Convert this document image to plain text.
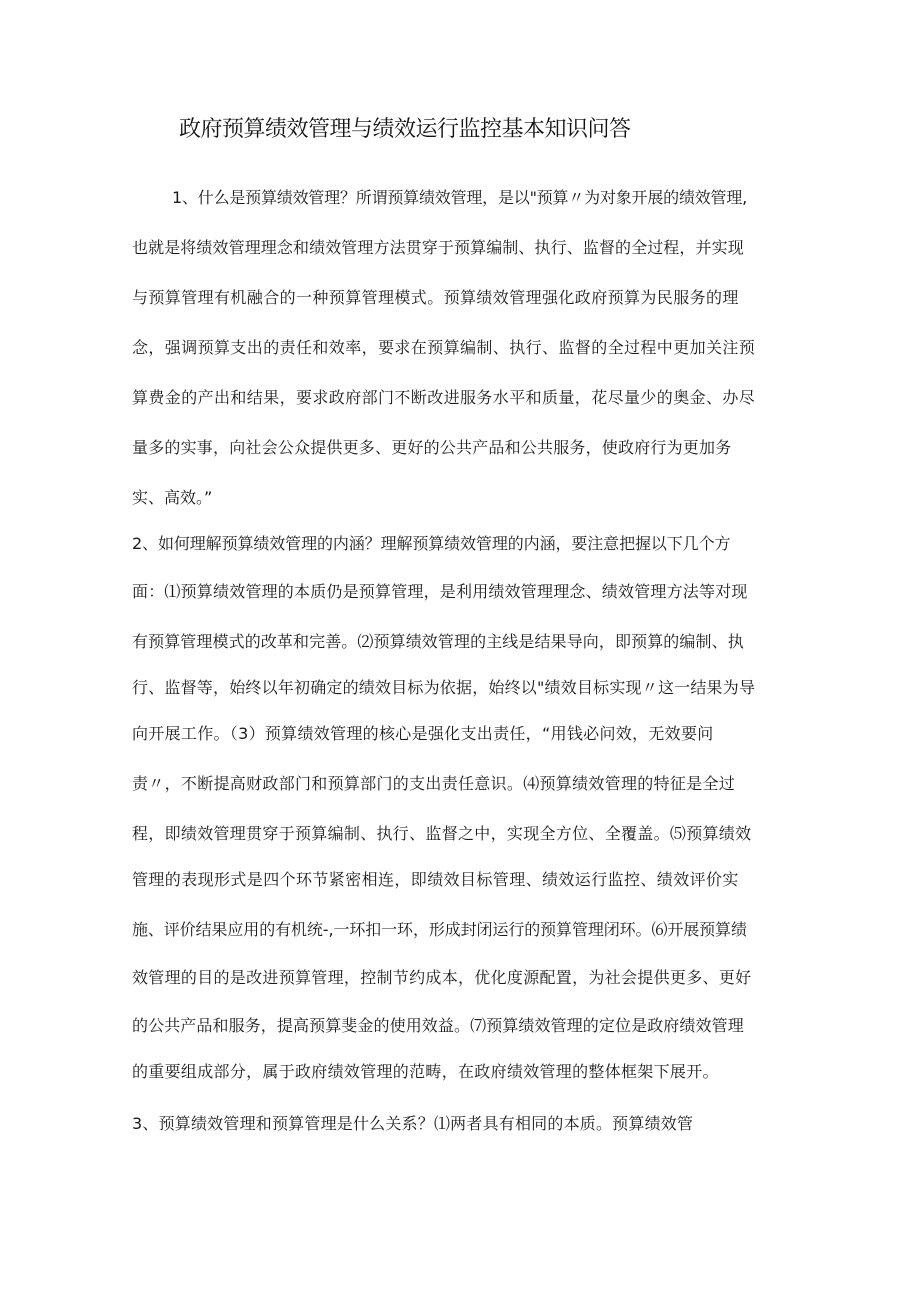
政府预算绩效管理与绩效运行监控基本知识问答
1、什么是预算绩效管理？所谓预算绩效管理，是以"预算〃为对象开展的绩效管理,
也就是将绩效管理理念和绩效管理方法贯穿于预算编制、执行、监督的全过程，并实现
与预算管理有机融合的一种预算管理模式。预算绩效管理强化政府预算为民服务的理
念，强调预算支出的责任和效率，要求在预算编制、执行、监督的全过程中更加关注预
算费金的产出和结果，要求政府部门不断改进服务水平和质量，花尽量少的奥金、办尽
量多的实事，向社会公众提供更多、更好的公共产品和公共服务，使政府行为更加务
实、高效。”
2、如何理解预算绩效管理的内涵？理解预算绩效管理的内涵，要注意把握以下几个方
面：⑴预算绩效管理的本质仍是预算管理，是利用绩效管理理念、绩效管理方法等对现
有预算管理模式的改革和完善。⑵预算绩效管理的主线是结果导向，即预算的编制、执
行、监督等，始终以年初确定的绩效目标为依据，始终以"绩效目标实现〃这一结果为导
向开展工作。（3）预算绩效管理的核心是强化支出责任，“用钱必问效，无效要问
责〃，不断提高财政部门和预算部门的支出责任意识。⑷预算绩效管理的特征是全过
程，即绩效管理贯穿于预算编制、执行、监督之中，实现全方位、全覆盖。⑸预算绩效
管理的表现形式是四个环节紧密相连，即绩效目标管理、绩效运行监控、绩效评价实
施、评价结果应用的有机统-,一环扣一环，形成封闭运行的预算管理闭环。⑹开展预算绩
效管理的目的是改进预算管理，控制节约成本，优化度源配置，为社会提供更多、更好
的公共产品和服务，提高预算斐金的使用效益。⑺预算绩效管理的定位是政府绩效管理
的重要组成部分，属于政府绩效管理的范畴，在政府绩效管理的整体框架下展开。
3、预算绩效管理和预算管理是什么关系？⑴两者具有相同的本质。预算绩效管
